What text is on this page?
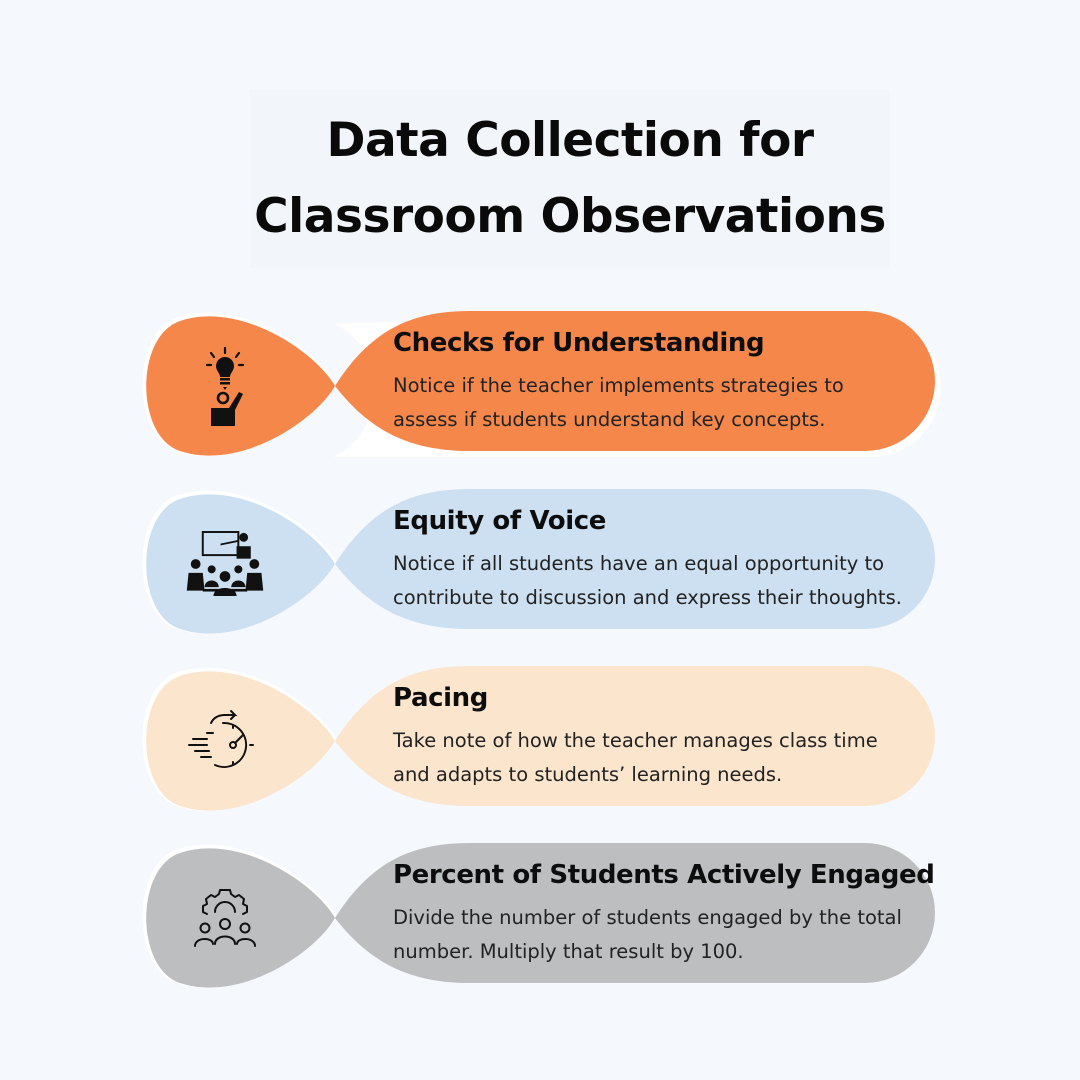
Data Collection for
Classroom Observations
Checks for Understanding
Notice if the teacher implements strategies to
assess if students understand key concepts.
Equity of Voice
Notice if all students have an equal opportunity to
contribute to discussion and express their thoughts.
Pacing
Take note of how the teacher manages class time
and adapts to students’ learning needs.
Percent of Students Actively Engaged
Divide the number of students engaged by the total
number. Multiply that result by 100.
